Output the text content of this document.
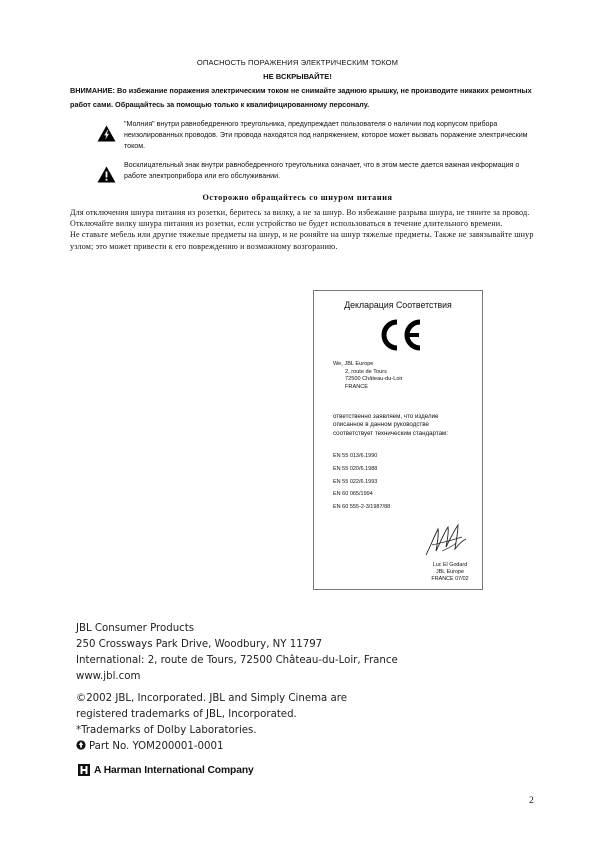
ОПАСНОСТЬ ПОРАЖЕНИЯ ЭЛЕКТРИЧЕСКИМ ТОКОМ
НЕ ВСКРЫВАЙТЕ!
ВНИМАНИЕ: Во избежание поражения электрическим током не снимайте заднюю крышку, не производите никаких ремонтных работ сами. Обращайтесь за помощью только к квалифицированному персоналу.
"Молния" внутри равнобедренного треугольника, предупреждает пользователя о наличии под корпусом прибора неизолированных проводов. Эти провода находятся под напряжением, которое может вызвать поражение электрическим током.
Восклицательный знак внутри равнобедренного треугольника означает, что в этом месте дается важная информация о работе электроприбора или его обслуживании.
Осторожно обращайтесь со шнуром питания

Для отключения шнура питания из розетки, беритесь за вилку, а не за шнур. Во избежание разрыва шнура, не тяните за провод.

Отключайте вилку шнура питания из розетки, если устройство не будет использоваться в течение длительного времени.

Не ставьте мебель или другие тяжелые предметы на шнур, и не роняйте на шнур тяжелые предметы. Также не завязывайте шнур узлом; это может привести к его повреждению и возможному возгоранию.

Декларация Соответствия
We, JBL Europe
2, route de Tours
72500 Château-du-Loir
FRANCE
ответственно заявляем, что изделие
описанное в данном руководстве
соответствует техническим стандартам:
EN 55 013/6.1990
EN 55 020/6.1988
EN 55 022/6.1993
EN 60 065/1994
EN 60 555-2-3/1987/88
Luc El Godard
JBL Europe
FRANCE 07/02
JBL Consumer Products
250 Crossways Park Drive, Woodbury, NY 11797
International: 2, route de Tours, 72500 Château-du-Loir, France
www.jbl.com
©2002 JBL, Incorporated. JBL and Simply Cinema are
registered trademarks of JBL, Incorporated.
*Trademarks of Dolby Laboratories.
Part No. YOM200001-0001
A Harman International Company
2
